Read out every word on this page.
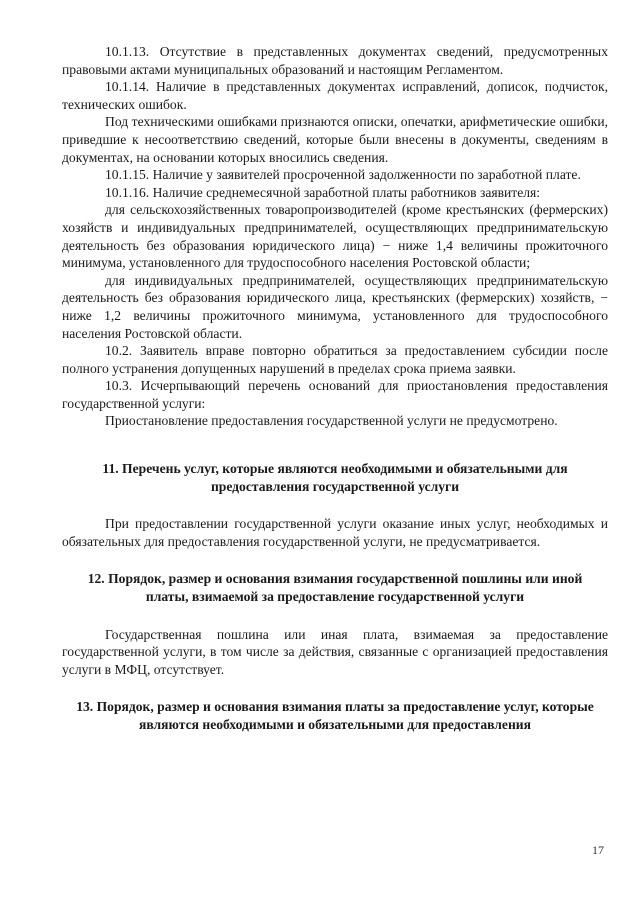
10.1.13. Отсутствие в представленных документах сведений, предусмотренных правовыми актами муниципальных образований и настоящим Регламентом.

10.1.14. Наличие в представленных документах исправлений, дописок, подчисток, технических ошибок.

Под техническими ошибками признаются описки, опечатки, арифметические ошибки, приведшие к несоответствию сведений, которые были внесены в документы, сведениям в документах, на основании которых вносились сведения.

10.1.15. Наличие у заявителей просроченной задолженности по заработной плате.

10.1.16. Наличие среднемесячной заработной платы работников заявителя:

для сельскохозяйственных товаропроизводителей (кроме крестьянских (фермерских) хозяйств и индивидуальных предпринимателей, осуществляющих предпринимательскую деятельность без образования юридического лица) − ниже 1,4 величины прожиточного минимума, установленного для трудоспособного населения Ростовской области;

для индивидуальных предпринимателей, осуществляющих предпринимательскую деятельность без образования юридического лица, крестьянских (фермерских) хозяйств, − ниже 1,2 величины прожиточного минимума, установленного для трудоспособного населения Ростовской области.

10.2. Заявитель вправе повторно обратиться за предоставлением субсидии после полного устранения допущенных нарушений в пределах срока приема заявки.

10.3. Исчерпывающий перечень оснований для приостановления предоставления государственной услуги:

Приостановление предоставления государственной услуги не предусмотрено.

11. Перечень услуг, которые являются необходимыми и обязательными для предоставления государственной услуги

При предоставлении государственной услуги оказание иных услуг, необходимых и обязательных для предоставления государственной услуги, не предусматривается.

12. Порядок, размер и основания взимания государственной пошлины или иной платы, взимаемой за предоставление государственной услуги

Государственная пошлина или иная плата, взимаемая за предоставление государственной услуги, в том числе за действия, связанные с организацией предоставления услуги в МФЦ, отсутствует.

13. Порядок, размер и основания взимания платы за предоставление услуг, которые являются необходимыми и обязательными для предоставления

17
